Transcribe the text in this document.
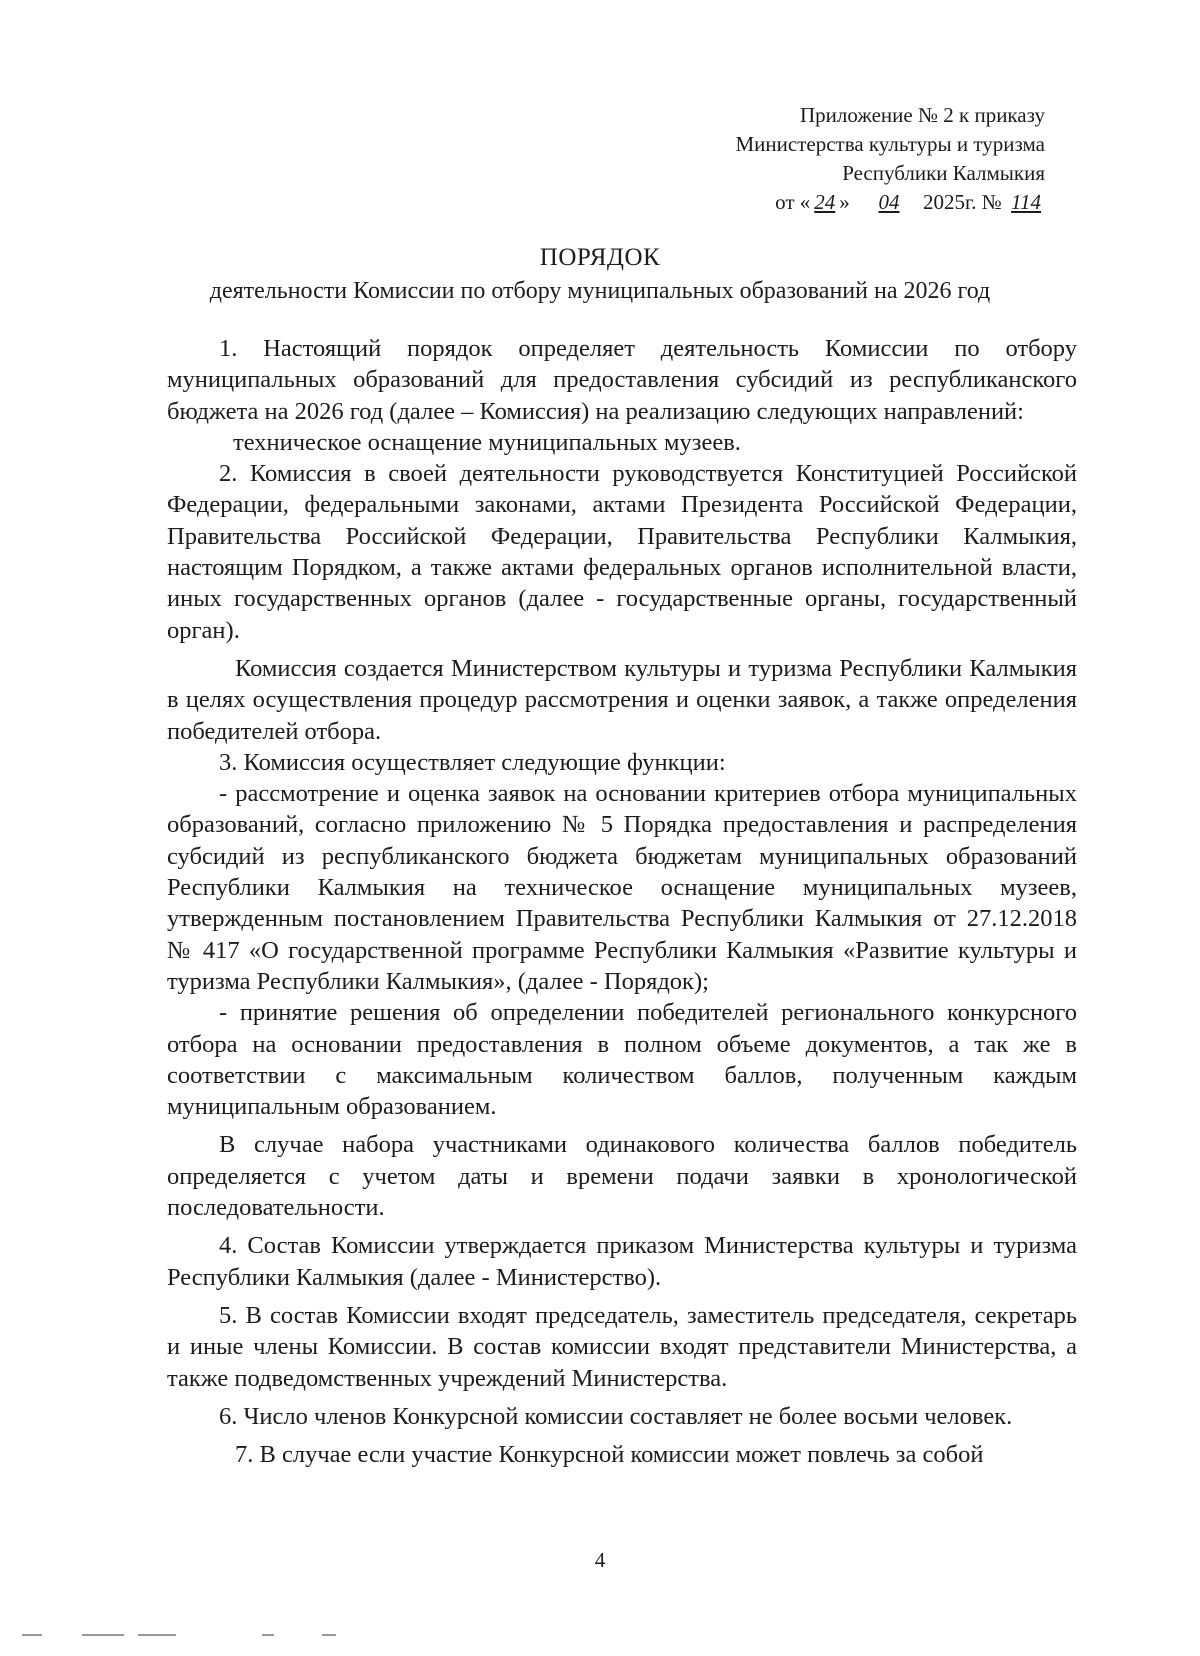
Приложение № 2 к приказу
Министерства культуры и туризма
Республики Калмыкия
от « 24 » 04 2025г. № 114
ПОРЯДОК
деятельности Комиссии по отбору муниципальных образований на 2026 год

1. Настоящий порядок определяет деятельность Комиссии по отбору муниципальных образований для предоставления субсидий из республиканского бюджета на 2026 год (далее – Комиссия) на реализацию следующих направлений:

техническое оснащение муниципальных музеев.

2. Комиссия в своей деятельности руководствуется Конституцией Российской Федерации, федеральными законами, актами Президента Российской Федерации, Правительства Российской Федерации, Правительства Республики Калмыкия, настоящим Порядком, а также актами федеральных органов исполнительной власти, иных государственных органов (далее - государственные органы, государственный орган).

Комиссия создается Министерством культуры и туризма Республики Калмыкия в целях осуществления процедур рассмотрения и оценки заявок, а также определения победителей отбора.

3. Комиссия осуществляет следующие функции:

- рассмотрение и оценка заявок на основании критериев отбора муниципальных образований, согласно приложению № 5 Порядка предоставления и распределения субсидий из республиканского бюджета бюджетам муниципальных образований Республики Калмыкия на техническое оснащение муниципальных музеев, утвержденным постановлением Правительства Республики Калмыкия от 27.12.2018 № 417 «О государственной программе Республики Калмыкия «Развитие культуры и туризма Республики Калмыкия», (далее - Порядок);

- принятие решения об определении победителей регионального конкурсного отбора на основании предоставления в полном объеме документов, а так же в соответствии с максимальным количеством баллов, полученным каждым муниципальным образованием.

В случае набора участниками одинакового количества баллов победитель определяется с учетом даты и времени подачи заявки в хронологической последовательности.

4. Состав Комиссии утверждается приказом Министерства культуры и туризма Республики Калмыкия (далее - Министерство).

5. В состав Комиссии входят председатель, заместитель председателя, секретарь и иные члены Комиссии. В состав комиссии входят представители Министерства, а также подведомственных учреждений Министерства.

6. Число членов Конкурсной комиссии составляет не более восьми человек.

7. В случае если участие Конкурсной комиссии может повлечь за собой

4
